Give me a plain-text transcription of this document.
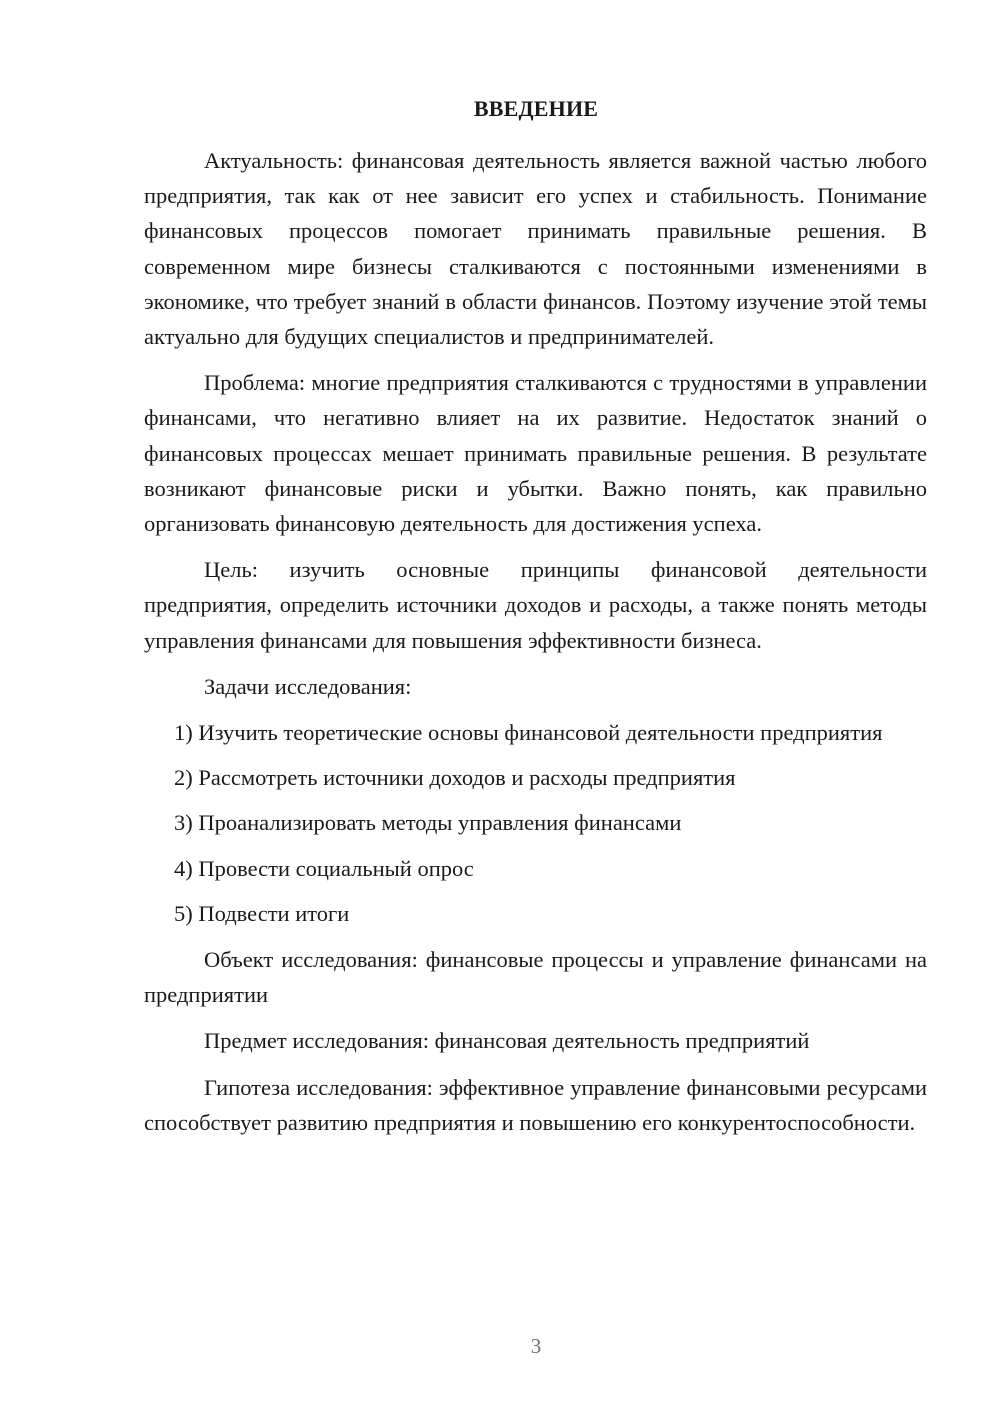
ВВЕДЕНИЕ

Актуальность: финансовая деятельность является важной частью любого предприятия, так как от нее зависит его успех и стабильность. Понимание финансовых процессов помогает принимать правильные решения. В современном мире бизнесы сталкиваются с постоянными изменениями в экономике, что требует знаний в области финансов. Поэтому изучение этой темы актуально для будущих специалистов и предпринимателей.

Проблема: многие предприятия сталкиваются с трудностями в управлении финансами, что негативно влияет на их развитие. Недостаток знаний о финансовых процессах мешает принимать правильные решения. В результате возникают финансовые риски и убытки. Важно понять, как правильно организовать финансовую деятельность для достижения успеха.

Цель: изучить основные принципы финансовой деятельности предприятия, определить источники доходов и расходы, а также понять методы управления финансами для повышения эффективности бизнеса.

Задачи исследования:

1) Изучить теоретические основы финансовой деятельности предприятия

2) Рассмотреть источники доходов и расходы предприятия

3) Проанализировать методы управления финансами

4) Провести социальный опрос

5) Подвести итоги

Объект исследования: финансовые процессы и управление финансами на предприятии

Предмет исследования: финансовая деятельность предприятий

Гипотеза исследования: эффективное управление финансовыми ресурсами способствует развитию предприятия и повышению его конкурентоспособности.

3
